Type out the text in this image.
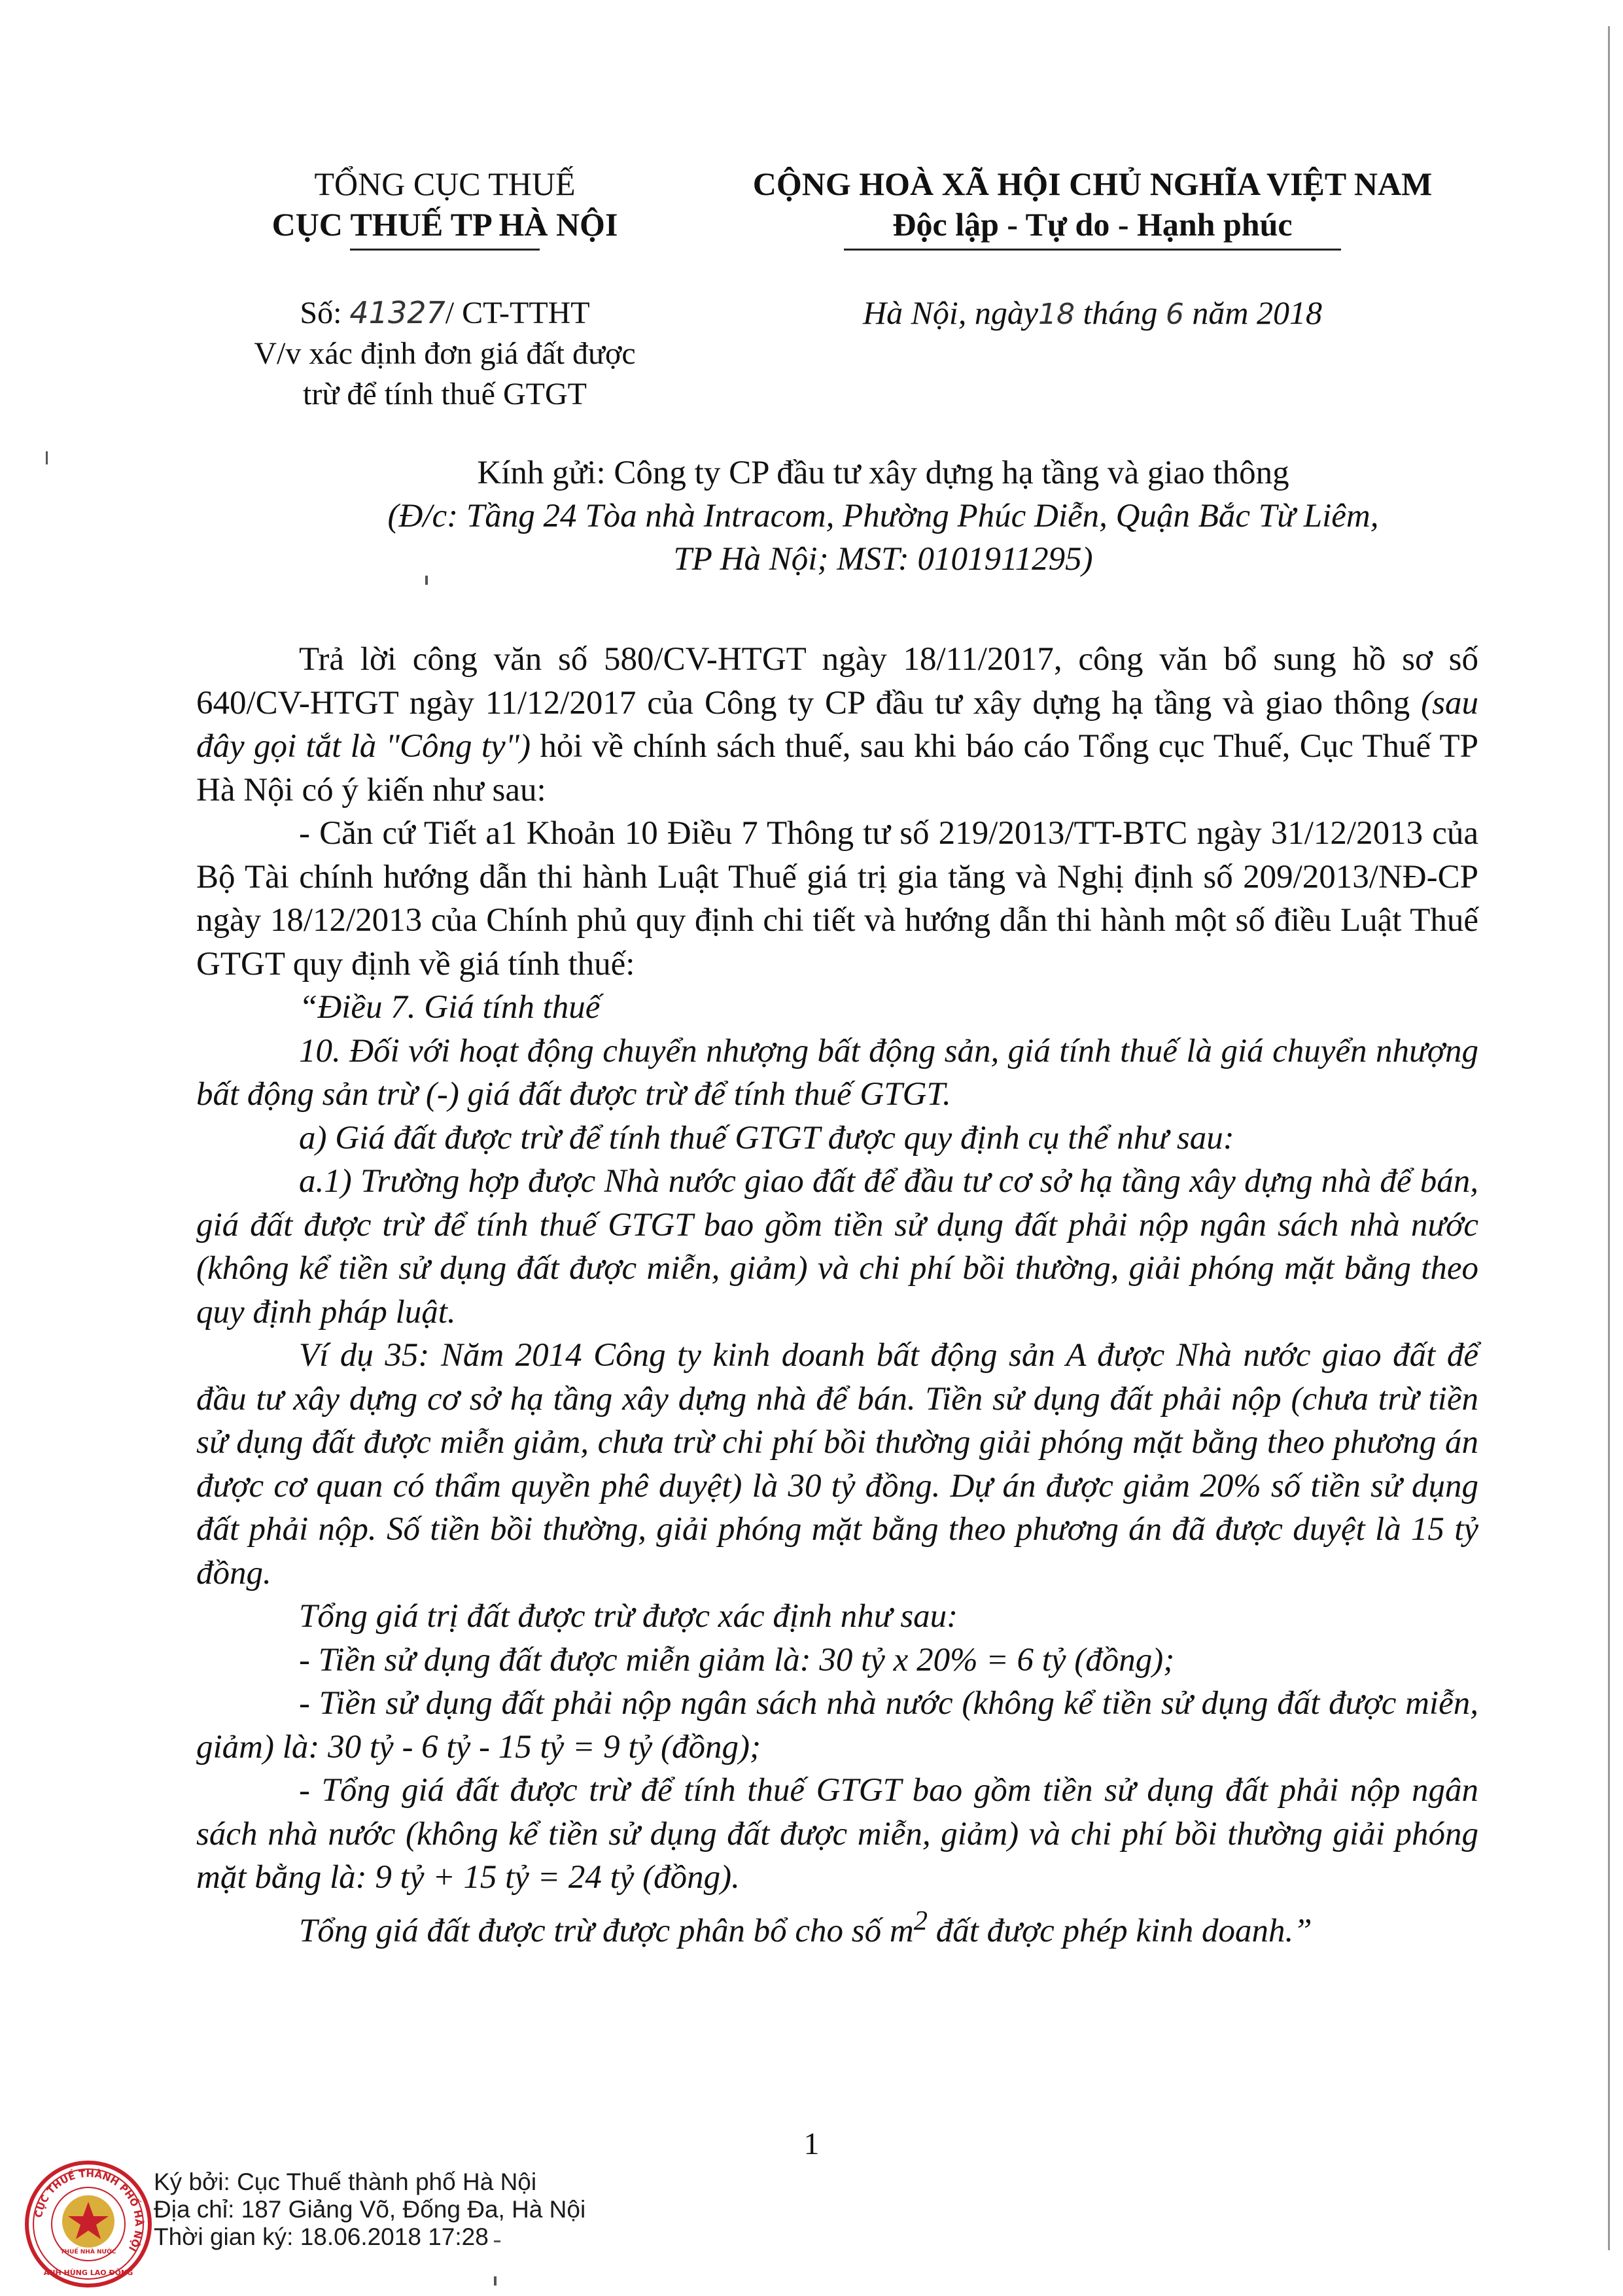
TỔNG CỤC THUẾ
CỤC THUẾ TP HÀ NỘI
CỘNG HOÀ XÃ HỘI CHỦ NGHĨA VIỆT NAM
Độc lập - Tự do - Hạnh phúc
Số: 41327/ CT-TTHT
V/v xác định đơn giá đất được
trừ để tính thuế GTGT
Hà Nội, ngày18 tháng 6 năm 2018
Kính gửi: Công ty CP đầu tư xây dựng hạ tầng và giao thông
(Đ/c: Tầng 24 Tòa nhà Intracom, Phường Phúc Diễn, Quận Bắc Từ Liêm,
TP Hà Nội; MST: 0101911295)

Trả lời công văn số 580/CV-HTGT ngày 18/11/2017, công văn bổ sung hồ sơ số 640/CV-HTGT ngày 11/12/2017 của Công ty CP đầu tư xây dựng hạ tầng và giao thông (sau đây gọi tắt là "Công ty") hỏi về chính sách thuế, sau khi báo cáo Tổng cục Thuế, Cục Thuế TP Hà Nội có ý kiến như sau:

- Căn cứ Tiết a1 Khoản 10 Điều 7 Thông tư số 219/2013/TT-BTC ngày 31/12/2013 của Bộ Tài chính hướng dẫn thi hành Luật Thuế giá trị gia tăng và Nghị định số 209/2013/NĐ-CP ngày 18/12/2013 của Chính phủ quy định chi tiết và hướng dẫn thi hành một số điều Luật Thuế GTGT quy định về giá tính thuế:

“Điều 7. Giá tính thuế

10. Đối với hoạt động chuyển nhượng bất động sản, giá tính thuế là giá chuyển nhượng bất động sản trừ (-) giá đất được trừ để tính thuế GTGT.

a) Giá đất được trừ để tính thuế GTGT được quy định cụ thể như sau:

a.1) Trường hợp được Nhà nước giao đất để đầu tư cơ sở hạ tầng xây dựng nhà để bán, giá đất được trừ để tính thuế GTGT bao gồm tiền sử dụng đất phải nộp ngân sách nhà nước (không kể tiền sử dụng đất được miễn, giảm) và chi phí bồi thường, giải phóng mặt bằng theo quy định pháp luật.

Ví dụ 35: Năm 2014 Công ty kinh doanh bất động sản A được Nhà nước giao đất để đầu tư xây dựng cơ sở hạ tầng xây dựng nhà để bán. Tiền sử dụng đất phải nộp (chưa trừ tiền sử dụng đất được miễn giảm, chưa trừ chi phí bồi thường giải phóng mặt bằng theo phương án được cơ quan có thẩm quyền phê duyệt) là 30 tỷ đồng. Dự án được giảm 20% số tiền sử dụng đất phải nộp. Số tiền bồi thường, giải phóng mặt bằng theo phương án đã được duyệt là 15 tỷ đồng.

Tổng giá trị đất được trừ được xác định như sau:

- Tiền sử dụng đất được miễn giảm là: 30 tỷ x 20% = 6 tỷ (đồng);

- Tiền sử dụng đất phải nộp ngân sách nhà nước (không kể tiền sử dụng đất được miễn, giảm) là: 30 tỷ - 6 tỷ - 15 tỷ = 9 tỷ (đồng);

- Tổng giá đất được trừ để tính thuế GTGT bao gồm tiền sử dụng đất phải nộp ngân sách nhà nước (không kể tiền sử dụng đất được miễn, giảm) và chi phí bồi thường giải phóng mặt bằng là: 9 tỷ + 15 tỷ = 24 tỷ (đồng).

Tổng giá đất được trừ được phân bổ cho số $m^2$ đất được phép kinh doanh.”

1
CỤC THUẾ THÀNH PHỐ HÀ NỘI
THUẾ NHÀ NƯỚC
ANH HÙNG LAO ĐỘNG
Ký bởi: Cục Thuế thành phố Hà Nội
Địa chỉ: 187 Giảng Võ, Đống Đa, Hà Nội
Thời gian ký: 18.06.2018 17:28
